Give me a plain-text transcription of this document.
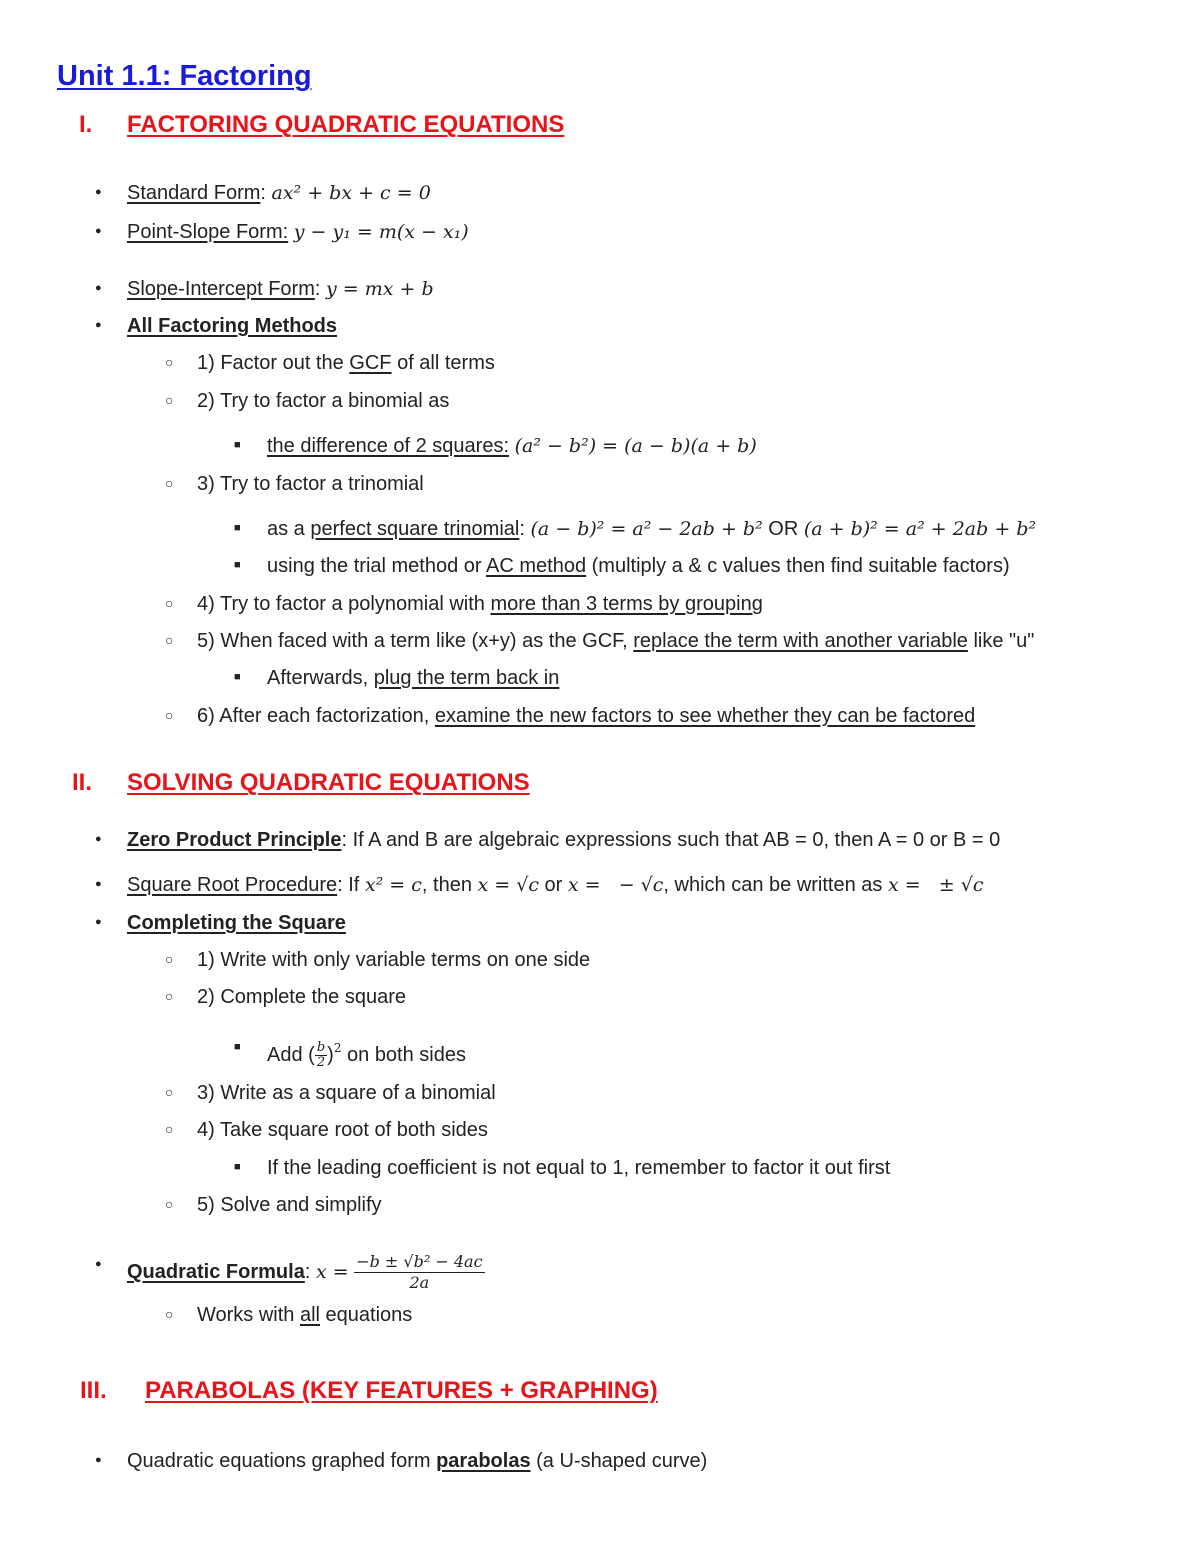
Unit 1.1: Factoring
I. FACTORING QUADRATIC EQUATIONS
●
Standard Form: ax² + bx + c = 0
●
Point-Slope Form: y − y₁ = m(x − x₁)
●
Slope-Intercept Form: y = mx + b
●
All Factoring Methods
○
1) Factor out the GCF of all terms
○
2) Try to factor a binomial as
■
the difference of 2 squares: (a² − b²) = (a − b)(a + b)
○
3) Try to factor a trinomial
■
as a perfect square trinomial: (a − b)² = a² − 2ab + b² OR (a + b)² = a² + 2ab + b²
■
using the trial method or AC method (multiply a & c values then find suitable factors)
○
4) Try to factor a polynomial with more than 3 terms by grouping
○
5) When faced with a term like (x+y) as the GCF, replace the term with another variable like "u"
■
Afterwards, plug the term back in
○
6) After each factorization, examine the new factors to see whether they can be factored
II. SOLVING QUADRATIC EQUATIONS
●
Zero Product Principle: If A and B are algebraic expressions such that AB = 0, then A = 0 or B = 0
●
Square Root Procedure: If x² = c, then x = √c or x =   − √c, which can be written as x =   ± √c
●
Completing the Square
○
1) Write with only variable terms on one side
○
2) Complete the square
■
Add ( $\frac{b}{2} )^2$ on both sides
○
3) Write as a square of a binomial
○
4) Take square root of both sides
■
If the leading coefficient is not equal to 1, remember to factor it out first
○
5) Solve and simplify
●
Quadratic Formula: $x = \frac{\text{−b ± √b² − 4ac}}{2a}$
○
Works with all equations
III. PARABOLAS (KEY FEATURES + GRAPHING)
●
Quadratic equations graphed form parabolas (a U-shaped curve)
